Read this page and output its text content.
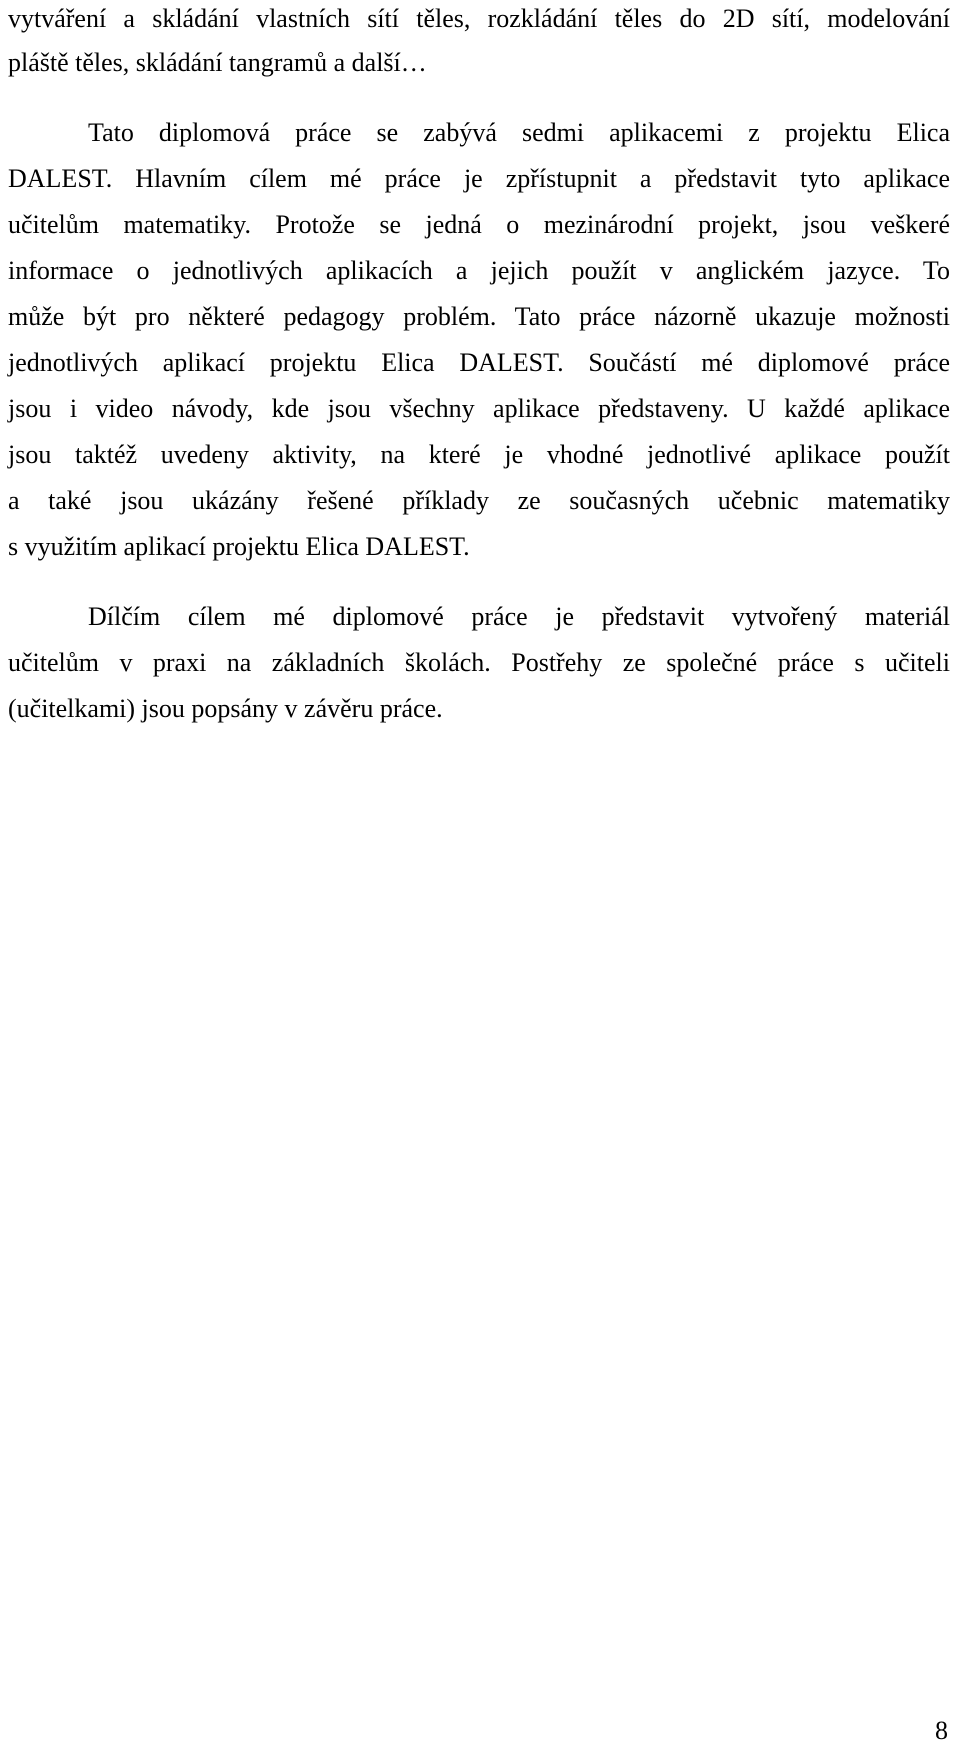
vytváření a skládání vlastních sítí těles, rozkládání těles do 2D sítí, modelování
pláště těles, skládání tangramů a další…
Tato diplomová práce se zabývá sedmi aplikacemi z projektu Elica
DALEST. Hlavním cílem mé práce je zpřístupnit a představit tyto aplikace
učitelům matematiky. Protože se jedná o mezinárodní projekt, jsou veškeré
informace o jednotlivých aplikacích a jejich použít v anglickém jazyce. To
může být pro některé pedagogy problém. Tato práce názorně ukazuje možnosti
jednotlivých aplikací projektu Elica DALEST. Součástí mé diplomové práce
jsou i video návody, kde jsou všechny aplikace představeny. U každé aplikace
jsou taktéž uvedeny aktivity, na které je vhodné jednotlivé aplikace použít
a také jsou ukázány řešené příklady ze současných učebnic matematiky
s využitím aplikací projektu Elica DALEST.
Dílčím cílem mé diplomové práce je představit vytvořený materiál
učitelům v praxi na základních školách. Postřehy ze společné práce s učiteli
(učitelkami) jsou popsány v závěru práce.
8
